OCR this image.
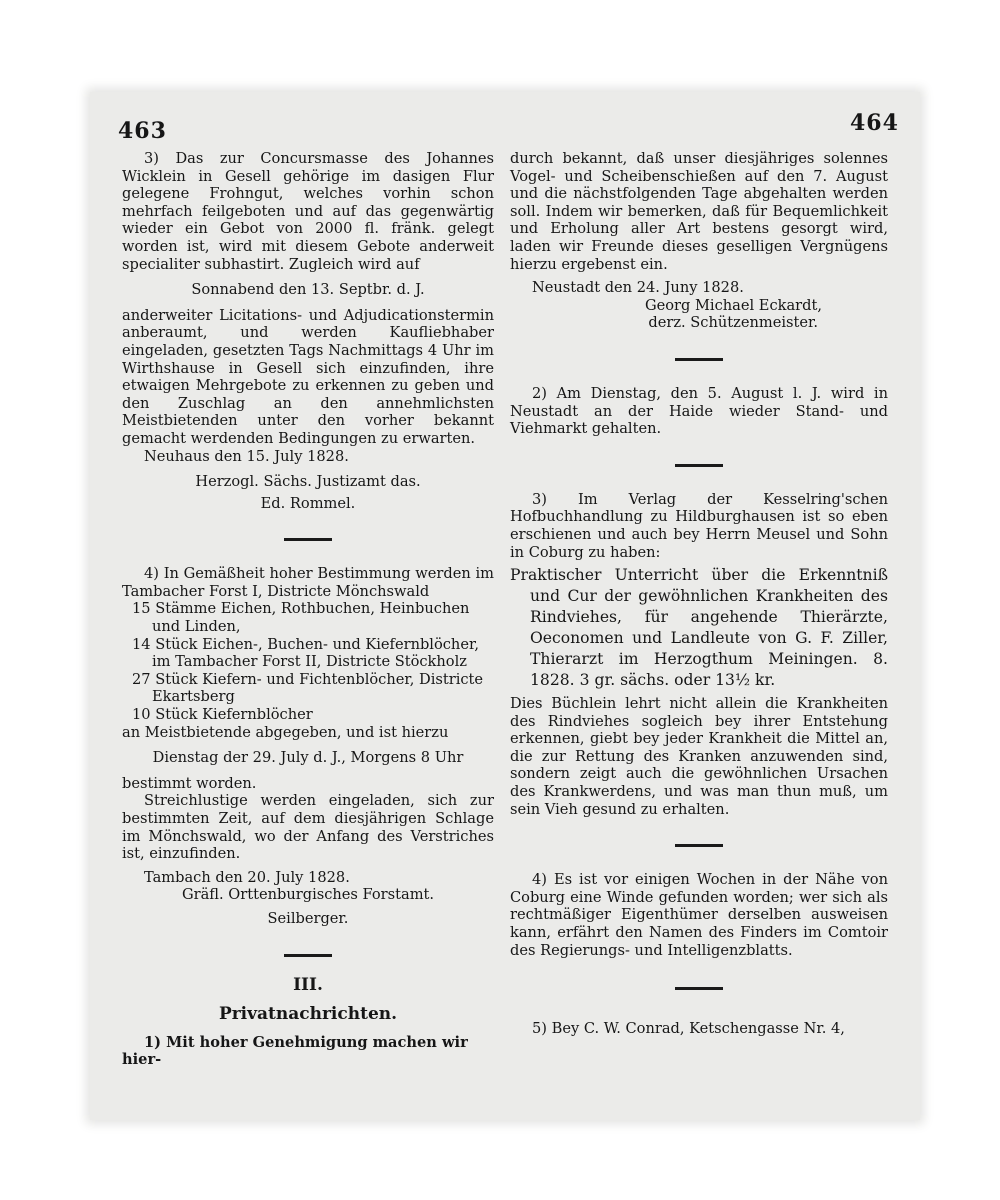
463	464

3) Das zur Concursmasse des Johannes Wicklein in Gesell gehörige im dasigen Flur gelegene Frohngut, welches vorhin schon mehrfach feilgeboten und auf das gegenwärtig wieder ein Gebot von 2000 fl. fränk. gelegt worden ist, wird mit diesem Gebote anderweit specialiter subhastirt. Zugleich wird auf

Sonnabend den 13. Septbr. d. J.

anderweiter Licitations- und Adjudicationstermin anberaumt, und werden Kaufliebhaber eingeladen, gesetzten Tags Nachmittags 4 Uhr im Wirthshause in Gesell sich einzufinden, ihre etwaigen Mehrgebote zu erkennen zu geben und den Zuschlag an den annehmlichsten Meistbietenden unter den vorher bekannt gemacht werdenden Bedingungen zu erwarten.

Neuhaus den 15. July 1828.

Herzogl. Sächs. Justizamt das.

Ed. Rommel.

4) In Gemäßheit hoher Bestimmung werden im Tambacher Forst I, Districte Mönchswald

15 Stämme Eichen, Rothbuchen, Heinbuchen und Linden,

14 Stück Eichen-, Buchen- und Kiefernblöcher, im Tambacher Forst II, Districte Stöckholz

27 Stück Kiefern- und Fichtenblöcher, Districte Ekartsberg

10 Stück Kiefernblöcher

an Meistbietende abgegeben, und ist hierzu

Dienstag der 29. July d. J., Morgens 8 Uhr

bestimmt worden.

Streichlustige werden eingeladen, sich zur bestimmten Zeit, auf dem diesjährigen Schlage im Mönchswald, wo der Anfang des Verstriches ist, einzufinden.

Tambach den 20. July 1828.

Gräfl. Orttenburgisches Forstamt.

Seilberger.

III.

Privatnachrichten.

1) Mit hoher Genehmigung machen wir hier-

durch bekannt, daß unser diesjähriges solennes Vogel- und Scheibenschießen auf den 7. August und die nächstfolgenden Tage abgehalten werden soll. Indem wir bemerken, daß für Bequemlichkeit und Erholung aller Art bestens gesorgt wird, laden wir Freunde dieses geselligen Vergnügens hierzu ergebenst ein.

Neustadt den 24. Juny 1828.

Georg Michael Eckardt,

derz. Schützenmeister.

2) Am Dienstag, den 5. August l. J. wird in Neustadt an der Haide wieder Stand- und Viehmarkt gehalten.

3) Im Verlag der Kesselring'schen Hofbuchhandlung zu Hildburghausen ist so eben erschienen und auch bey Herrn Meusel und Sohn in Coburg zu haben:

Praktischer Unterricht über die Erkenntniß und Cur der gewöhnlichen Krankheiten des Rindviehes, für angehende Thierärzte, Oeconomen und Landleute von G. F. Ziller, Thierarzt im Herzogthum Meiningen. 8. 1828. 3 gr. sächs. oder 13½ kr.

Dies Büchlein lehrt nicht allein die Krankheiten des Rindviehes sogleich bey ihrer Entstehung erkennen, giebt bey jeder Krankheit die Mittel an, die zur Rettung des Kranken anzuwenden sind, sondern zeigt auch die gewöhnlichen Ursachen des Krankwerdens, und was man thun muß, um sein Vieh gesund zu erhalten.

4) Es ist vor einigen Wochen in der Nähe von Coburg eine Winde gefunden worden; wer sich als rechtmäßiger Eigenthümer derselben ausweisen kann, erfährt den Namen des Finders im Comtoir des Regierungs- und Intelligenzblatts.

5) Bey C. W. Conrad, Ketschengasse Nr. 4,
